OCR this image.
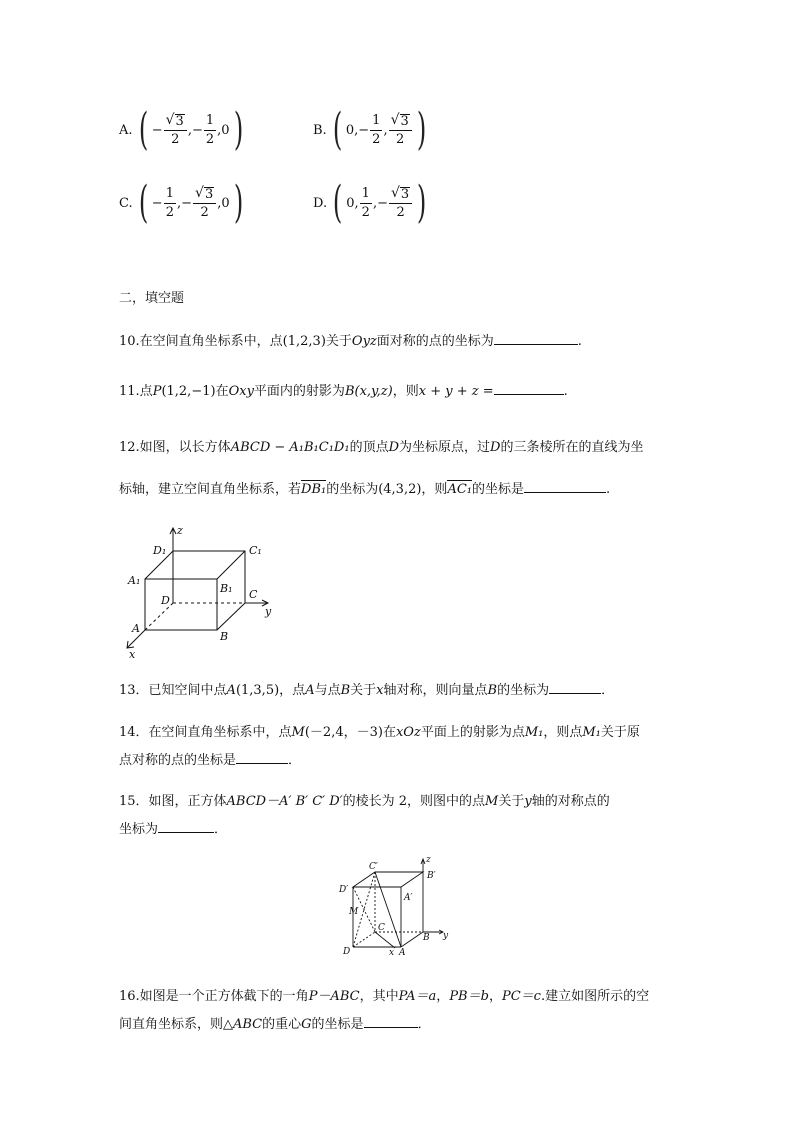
A. ( − $\frac{√ 3}{2}$ , − $\frac{1}{2} ,0$ )	B. ( 0, − $\frac{1}{2}$ , $\frac{√ 3}{2}$ )
C. ( − $\frac{1}{2}$ , − $\frac{√ 3}{2} ,0$ )	D. ( 0, $\frac{1}{2}$ , − $\frac{√ 3}{2}$ )
二，填空题
10.在空间直角坐标系中，点(1,2,3)关于Oyz面对称的点的坐标为	.
11.点P(1,2,−1)在Oxy平面内的射影为B(x,y,z)，则x + y + z =	.
12.如图，以长方体ABCD − A₁B₁C₁D₁的顶点D为坐标原点，过D的三条棱所在的直线为坐
标轴，建立空间直角坐标系，若DB₁的坐标为(4,3,2)，则AC₁的坐标是	.
z
y
x
D₁	C₁
A₁
B₁
D	C
A
B
13．已知空间中点A(1,3,5)，点A与点B关于x轴对称，则向量点B的坐标为	．
14．在空间直角坐标系中，点M(－2,4，－3)在xOz平面上的射影为点M₁，则点M₁关于原
点对称的点的坐标是	．
15．如图，正方体ABCD－A′ B′ C′ D′的棱长为 2，则图中的点M关于y轴的对称点的
坐标为	．
z
C′
B′
D′
A′
M
C
B y
D	x A
16.如图是一个正方体截下的一角P－ABC，其中PA＝a，PB＝b，PC＝c.建立如图所示的空
间直角坐标系，则△ABC的重心G的坐标是	．
